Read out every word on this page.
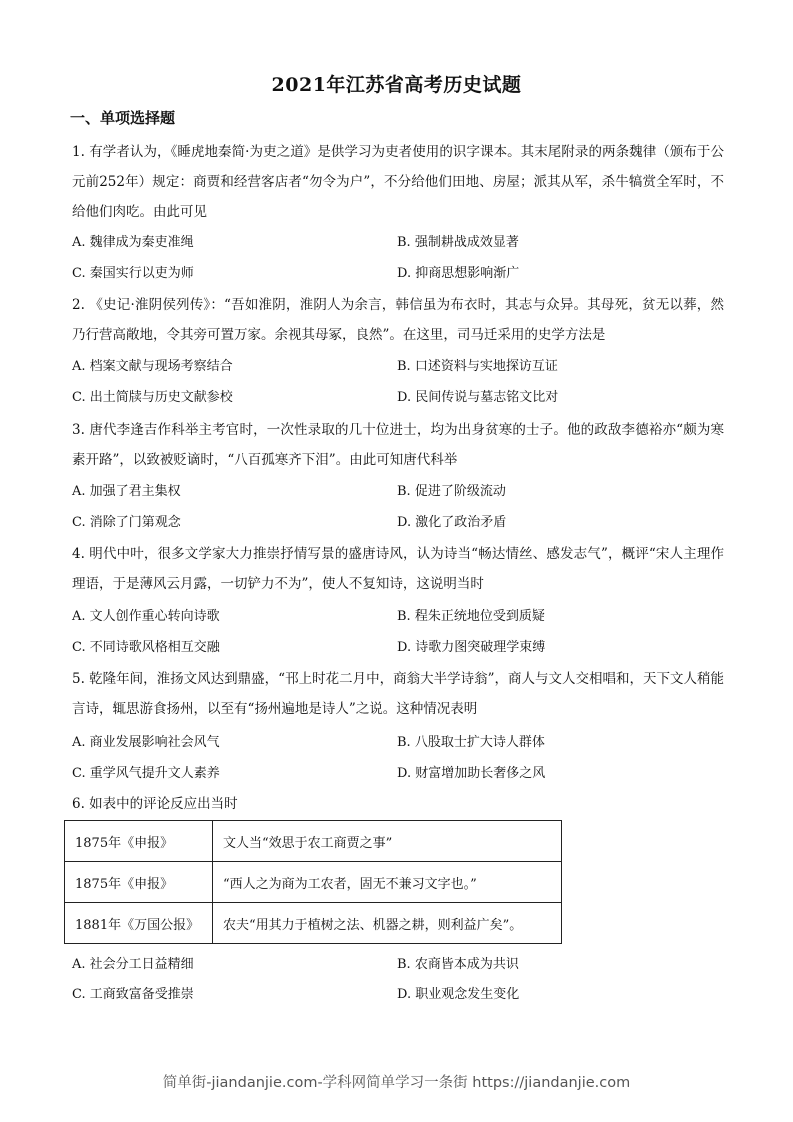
2021年江苏省高考历史试题
一、单项选择题
1. 有学者认为，《睡虎地秦简·为吏之道》是供学习为吏者使用的识字课本。其末尾附录的两条魏律（颁布于公元前252年）规定：商贾和经营客店者“勿令为户”，不分给他们田地、房屋；派其从军，杀牛犒赏全军时，不给他们肉吃。由此可见
A. 魏律成为秦吏准绳	B. 强制耕战成效显著
C. 秦国实行以吏为师	D. 抑商思想影响渐广
2. 《史记·淮阴侯列传》：“吾如淮阴，淮阴人为余言，韩信虽为布衣时，其志与众异。其母死，贫无以葬，然乃行营高敞地，令其旁可置万家。余视其母冢，良然”。在这里，司马迁采用的史学方法是
A. 档案文献与现场考察结合	B. 口述资料与实地探访互证
C. 出土简牍与历史文献参校	D. 民间传说与墓志铭文比对
3. 唐代李逢吉作科举主考官时，一次性录取的几十位进士，均为出身贫寒的士子。他的政敌李德裕亦“颇为寒素开路”，以致被贬谪时，“八百孤寒齐下泪”。由此可知唐代科举
A. 加强了君主集权	B. 促进了阶级流动
C. 消除了门第观念	D. 激化了政治矛盾
4. 明代中叶，很多文学家大力推崇抒情写景的盛唐诗风，认为诗当“畅达情丝、感发志气”，概评“宋人主理作理语，于是薄风云月露，一切铲力不为”，使人不复知诗，这说明当时
A. 文人创作重心转向诗歌	B. 程朱正统地位受到质疑
C. 不同诗歌风格相互交融	D. 诗歌力图突破理学束缚
5. 乾隆年间，淮扬文风达到鼎盛，“邗上时花二月中，商翁大半学诗翁”，商人与文人交相唱和，天下文人稍能言诗，辄思游食扬州，以至有“扬州遍地是诗人”之说。这种情况表明
A. 商业发展影响社会风气	B. 八股取士扩大诗人群体
C. 重学风气提升文人素养	D. 财富增加助长奢侈之风
6. 如表中的评论反应出当时
1875年《申报》	文人当“效思于农工商贾之事”
1875年《申报》	“西人之为商为工农者，固无不兼习文字也。”
1881年《万国公报》	农夫“用其力于植树之法、机器之耕，则利益广矣”。
A. 社会分工日益精细	B. 农商皆本成为共识
C. 工商致富备受推崇	D. 职业观念发生变化
简单街-jiandanjie.com-学科网简单学习一条街 https://jiandanjie.com
